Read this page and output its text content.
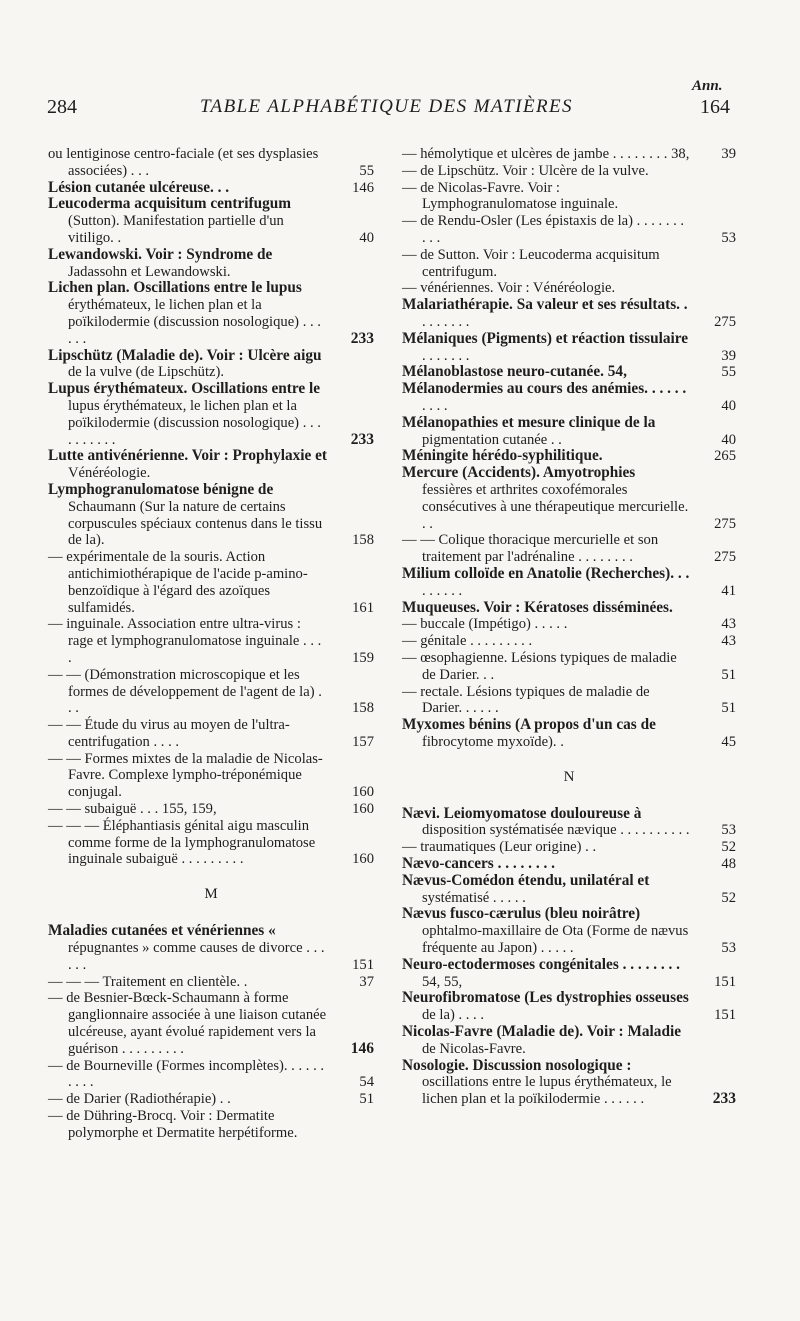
284	TABLE ALPHABÉTIQUE DES MATIÈRES
Ann.
164
ou lentiginose centro-faciale (et ses dysplasies associées) . . .	55
Lésion cutanée ulcéreuse. . .	146
Leucoderma acquisitum centrifugum (Sutton). Manifestation partielle d'un vitiligo. .	40
Lewandowski. Voir : Syndrome de Jadassohn et Lewandowski.
Lichen plan. Oscillations entre le lupus érythémateux, le lichen plan et la poïkilodermie (discussion nosologique) . . . . . .	233
Lipschütz (Maladie de). Voir : Ulcère aigu de la vulve (de Lipschütz).
Lupus érythémateux. Oscillations entre le lupus érythémateux, le lichen plan et la poïkilodermie (discussion nosologique) . . . . . . . . . .	233
Lutte antivénérienne. Voir : Prophylaxie et Vénéréologie.
Lymphogranulomatose bénigne de Schaumann (Sur la nature de certains corpuscules spéciaux contenus dans le tissu de la).	158
— expérimentale de la souris. Action antichimiothérapique de l'acide p-amino-benzoïdique à l'égard des azoïques sulfamidés.	161
— inguinale. Association entre ultra-virus : rage et lymphogranulomatose inguinale . . . .	159
— — (Démonstration microscopique et les formes de développement de l'agent de la) . . .	158
— — Étude du virus au moyen de l'ultra-centrifugation . . . .	157
— — Formes mixtes de la maladie de Nicolas-Favre. Complexe lympho-tréponémique conjugal.	160
— — subaiguë . . . 155, 159,	160
— — — Éléphantiasis génital aigu masculin comme forme de la lymphogranulomatose inguinale subaiguë . . . . . . . . .	160
M
Maladies cutanées et vénériennes « répugnantes » comme causes de divorce . . . . . .	151
— — — Traitement en clientèle. .	37
— de Besnier-Bœck-Schaumann à forme ganglionnaire associée à une liaison cutanée ulcéreuse, ayant évolué rapidement vers la guérison . . . . . . . . .	146
— de Bourneville (Formes incomplètes). . . . . . . . . .	54
— de Darier (Radiothérapie) . .	51
— de Dühring-Brocq. Voir : Dermatite polymorphe et Dermatite herpétiforme.
— hémolytique et ulcères de jambe . . . . . . . . 38, 39
— de Lipschütz. Voir : Ulcère de la vulve.
— de Nicolas-Favre. Voir : Lymphogranulomatose inguinale.
— de Rendu-Osler (Les épistaxis de la) . . . . . . . . . .	53
— de Sutton. Voir : Leucoderma acquisitum centrifugum.
— vénériennes. Voir : Vénéréologie.
Malariathérapie. Sa valeur et ses résultats. . . . . . . . .	275
Mélaniques (Pigments) et réaction tissulaire . . . . . . .	39
Mélanoblastose neuro-cutanée. 54,	55
Mélanodermies au cours des anémies. . . . . . . . . .	40
Mélanopathies et mesure clinique de la pigmentation cutanée . .	40
Méningite hérédo-syphilitique.	265
Mercure (Accidents). Amyotrophies fessières et arthrites coxofémorales consécutives à une thérapeutique mercurielle. . .	275
— — Colique thoracique mercurielle et son traitement par l'adrénaline . . . . . . . .	275
Milium colloïde en Anatolie (Recherches). . . . . . . . .	41
Muqueuses. Voir : Kératoses disséminées.
— buccale (Impétigo) . . . . .	43
— génitale . . . . . . . . .	43
— œsophagienne. Lésions typiques de maladie de Darier. . .	51
— rectale. Lésions typiques de maladie de Darier. . . . . .	51
Myxomes bénins (A propos d'un cas de fibrocytome myxoïde). .	45
N
Nævi. Leiomyomatose douloureuse à disposition systématisée nævique . . . . . . . . . . 53
— traumatiques (Leur origine) . .	52
Nævo-cancers . . . . . . . .	48
Nævus-Comédon étendu, unilatéral et systématisé . . . . .	52
Nævus fusco-cærulus (bleu noirâtre) ophtalmo-maxillaire de Ota (Forme de nævus fréquente au Japon) . . . . .	53
Neuro-ectodermoses congénitales . . . . . . . . 54, 55,	151
Neurofibromatose (Les dystrophies osseuses de la) . . . .	151
Nicolas-Favre (Maladie de). Voir : Maladie de Nicolas-Favre.
Nosologie. Discussion nosologique : oscillations entre le lupus érythémateux, le lichen plan et la poïkilodermie . . . . . .	233
